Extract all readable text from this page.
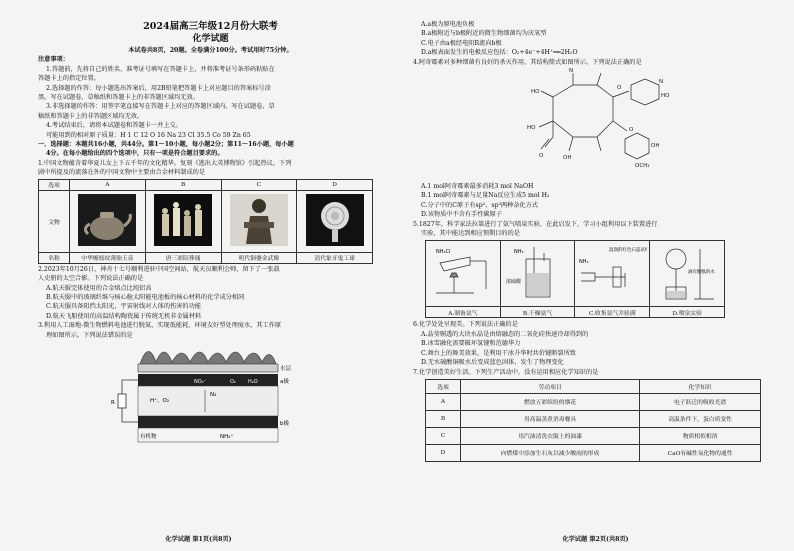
2024届高三年级12月份大联考
化学试题
本试卷共8页，20题。全卷满分100分。考试用时75分钟。
注意事项：
1.答题前，先将自己的姓名、准考证号填写在答题卡上，并将准考证号条形码粘贴在
答题卡上的指定位置。
2.选择题的作答：每小题选出答案后，用2B铅笔把答题卡上对应题目的答案标号涂
黑。写在试题卷、草稿纸和答题卡上的非答题区域均无效。
3.非选择题的作答：用签字笔直接写在答题卡上对应的答题区域内。写在试题卷、草
稿纸和答题卡上的非答题区域均无效。
4.考试结束后，请将本试题卷和答题卡一并上交。
可能用到的相对原子质量：H 1 C 12 O 16 Na 23 Cl 35.5 Co 59 Zn 65
一、选择题：本题共16小题，共44分。第1～10小题，每小题2分；第11～16小题，每小题
4分。在每小题给出的四个选项中，只有一项是符合题目要求的。
1.中国文物蕴含着华夏儿女上下五千年的文化精华。复刻《逃出大英博物馆》引起热议，下列
剧中所提及的流落在外的中国文物中主要由合金材料制成的是
选项	A	B	C	D
文物				
名称	中华缠枝纹薄胎玉壶	唐三彩陪葬俑	明代铜鎏金武像	清代象牙鬼工球
2.2023年10月26日，神舟十七号顺利进驻中国空间站，航天员顺利会师，留下了一张载
人史册的太空合影。下列说法正确的是
A.航天服完体使用的合金熔点比纯铝高
B.航天服中的玻璃纤维与核心舱太阳能电池板的核心材料的化学成分相同
C.航天服具备阻挡太阳光，宇宙射线对人体的伤害的功能
D.航天飞船使用的高温结构陶瓷属于传统无机非金属材料
3.利用人工湿地-微生物燃料电池进行脱氮，实现低能耗、环境友好型处理废水，其工作原
理如图所示。下列说法错误的是
水层
a极
NO₃⁻	O₂ H₂O
H⁺、O₂
N₂
b极
有机物	NH₄⁺
R
化学试题 第1页(共8页)
A.a极为原电池负极
B.a极附近与b极附近的微生物细菌均为厌氧型
C.电子由a极经电阻R流向b极
D.a极表面发生的电极反应包括：O₂+4e⁻+4H⁺══2H₂O
4.阿奇霉素对多种细菌有良好的杀灭作用，其结构简式如图所示。下列说法正确的是
N
HO
HO
O
O
N
HO
O
OH
OCH₃
OH
A.1 mol阿奇霉素最多消耗3 mol NaOH
B.1 mol阿奇霉素与足量Na反应生成5 mol H₂
C.分子中的C原子有sp²、sp³两种杂化方式
D.该物质中不含有手性碳原子
5.1827年，科学家法拉第进行了氨气喷泉实验，在此启发下，学习小组利用以下装置进行
实验，其中能达到相应预期目的的是
NH₄Cl	NH₃
浓硫酸	NH₃
湿润的红色石蕊试纸	滴有酚酞的水

A.制备氨气	B.干燥氨气	C.收集氨气并验满	D.喷泉实验
6.化学处处呈现美。下列说法正确的是
A.晶莹剔透的大块水晶是由熔融态的二氧化硅快速冷却得到的
B.冰雪融化需要破坏氢键和范德华力
C.舞台上的舞美效果，是利用干冰升华时共价键断裂所致
D.无水硫酸铜吸水后变成蓝色固体，发生了物理变化
7.化学创造美好生活。下列生产活动中，没有运用相应化学知识的是
选项	劳动项目	化学知识
A	燃放五彩缤纷的烟花	电子跃迁的吸收光谱
B	用高温蒸煮消毒餐具	高温条件下，蛋白质变性
C	用汽油清洗衣服上的油漆	物质相似相溶
D	向燃煤中添加生石灰以减少酸雨的形成	CaO有碱性氧化物的通性
化学试题 第2页(共8页)
